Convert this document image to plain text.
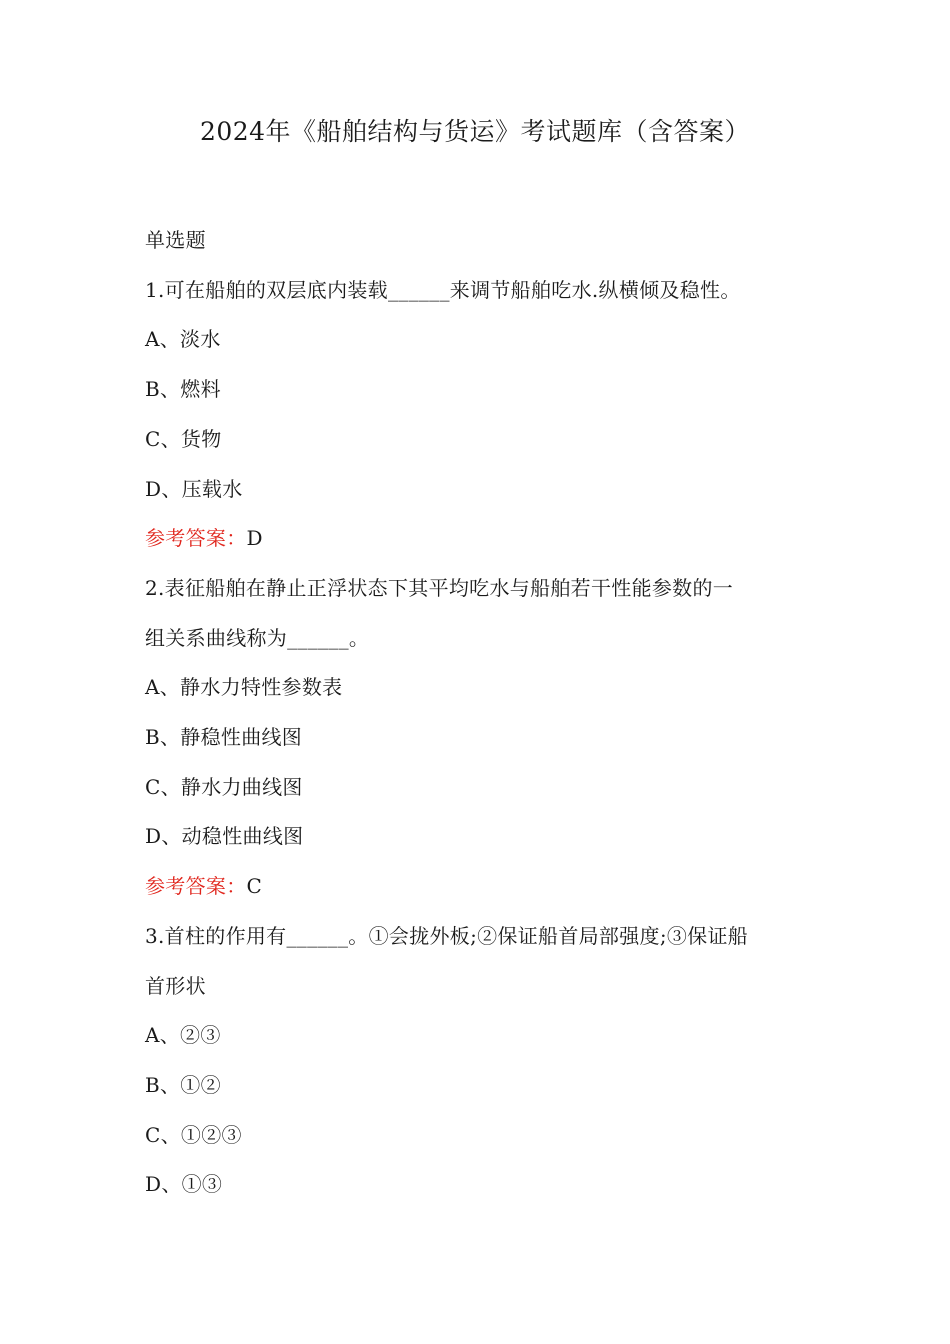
2024年《船舶结构与货运》考试题库（含答案）

单选题

1.可在船舶的双层底内装载______来调节船舶吃水.纵横倾及稳性。

A、淡水

B、燃料

C、货物

D、压载水

参考答案：D

2.表征船舶在静止正浮状态下其平均吃水与船舶若干性能参数的一

组关系曲线称为______。

A、静水力特性参数表

B、静稳性曲线图

C、静水力曲线图

D、动稳性曲线图

参考答案：C

3.首柱的作用有______。①会拢外板;②保证船首局部强度;③保证船

首形状

A、②③

B、①②

C、①②③

D、①③
